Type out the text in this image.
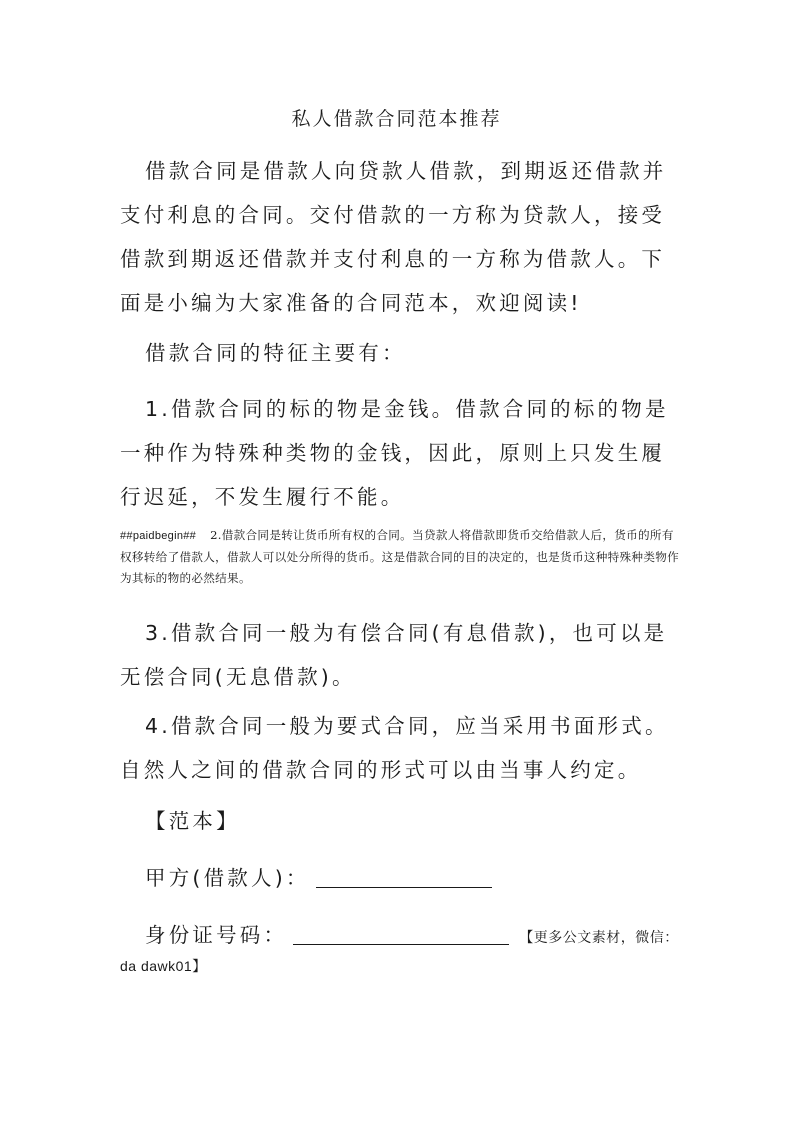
私人借款合同范本推荐

借款合同是借款人向贷款人借款，到期返还借款并支付利息的合同。交付借款的一方称为贷款人，接受借款到期返还借款并支付利息的一方称为借款人。下面是小编为大家准备的合同范本，欢迎阅读!

借款合同的特征主要有：

1.借款合同的标的物是金钱。借款合同的标的物是一种作为特殊种类物的金钱，因此，原则上只发生履行迟延，不发生履行不能。

##paidbegin## 2.借款合同是转让货币所有权的合同。当贷款人将借款即货币交给借款人后，货币的所有权移转给了借款人，借款人可以处分所得的货币。这是借款合同的目的决定的，也是货币这种特殊种类物作为其标的物的必然结果。

3.借款合同一般为有偿合同(有息借款)，也可以是无偿合同(无息借款)。

4.借款合同一般为要式合同，应当采用书面形式。自然人之间的借款合同的形式可以由当事人约定。

【范本】

甲方(借款人)：

身份证号码：	【更多公文素材，微信：

da dawk01】
